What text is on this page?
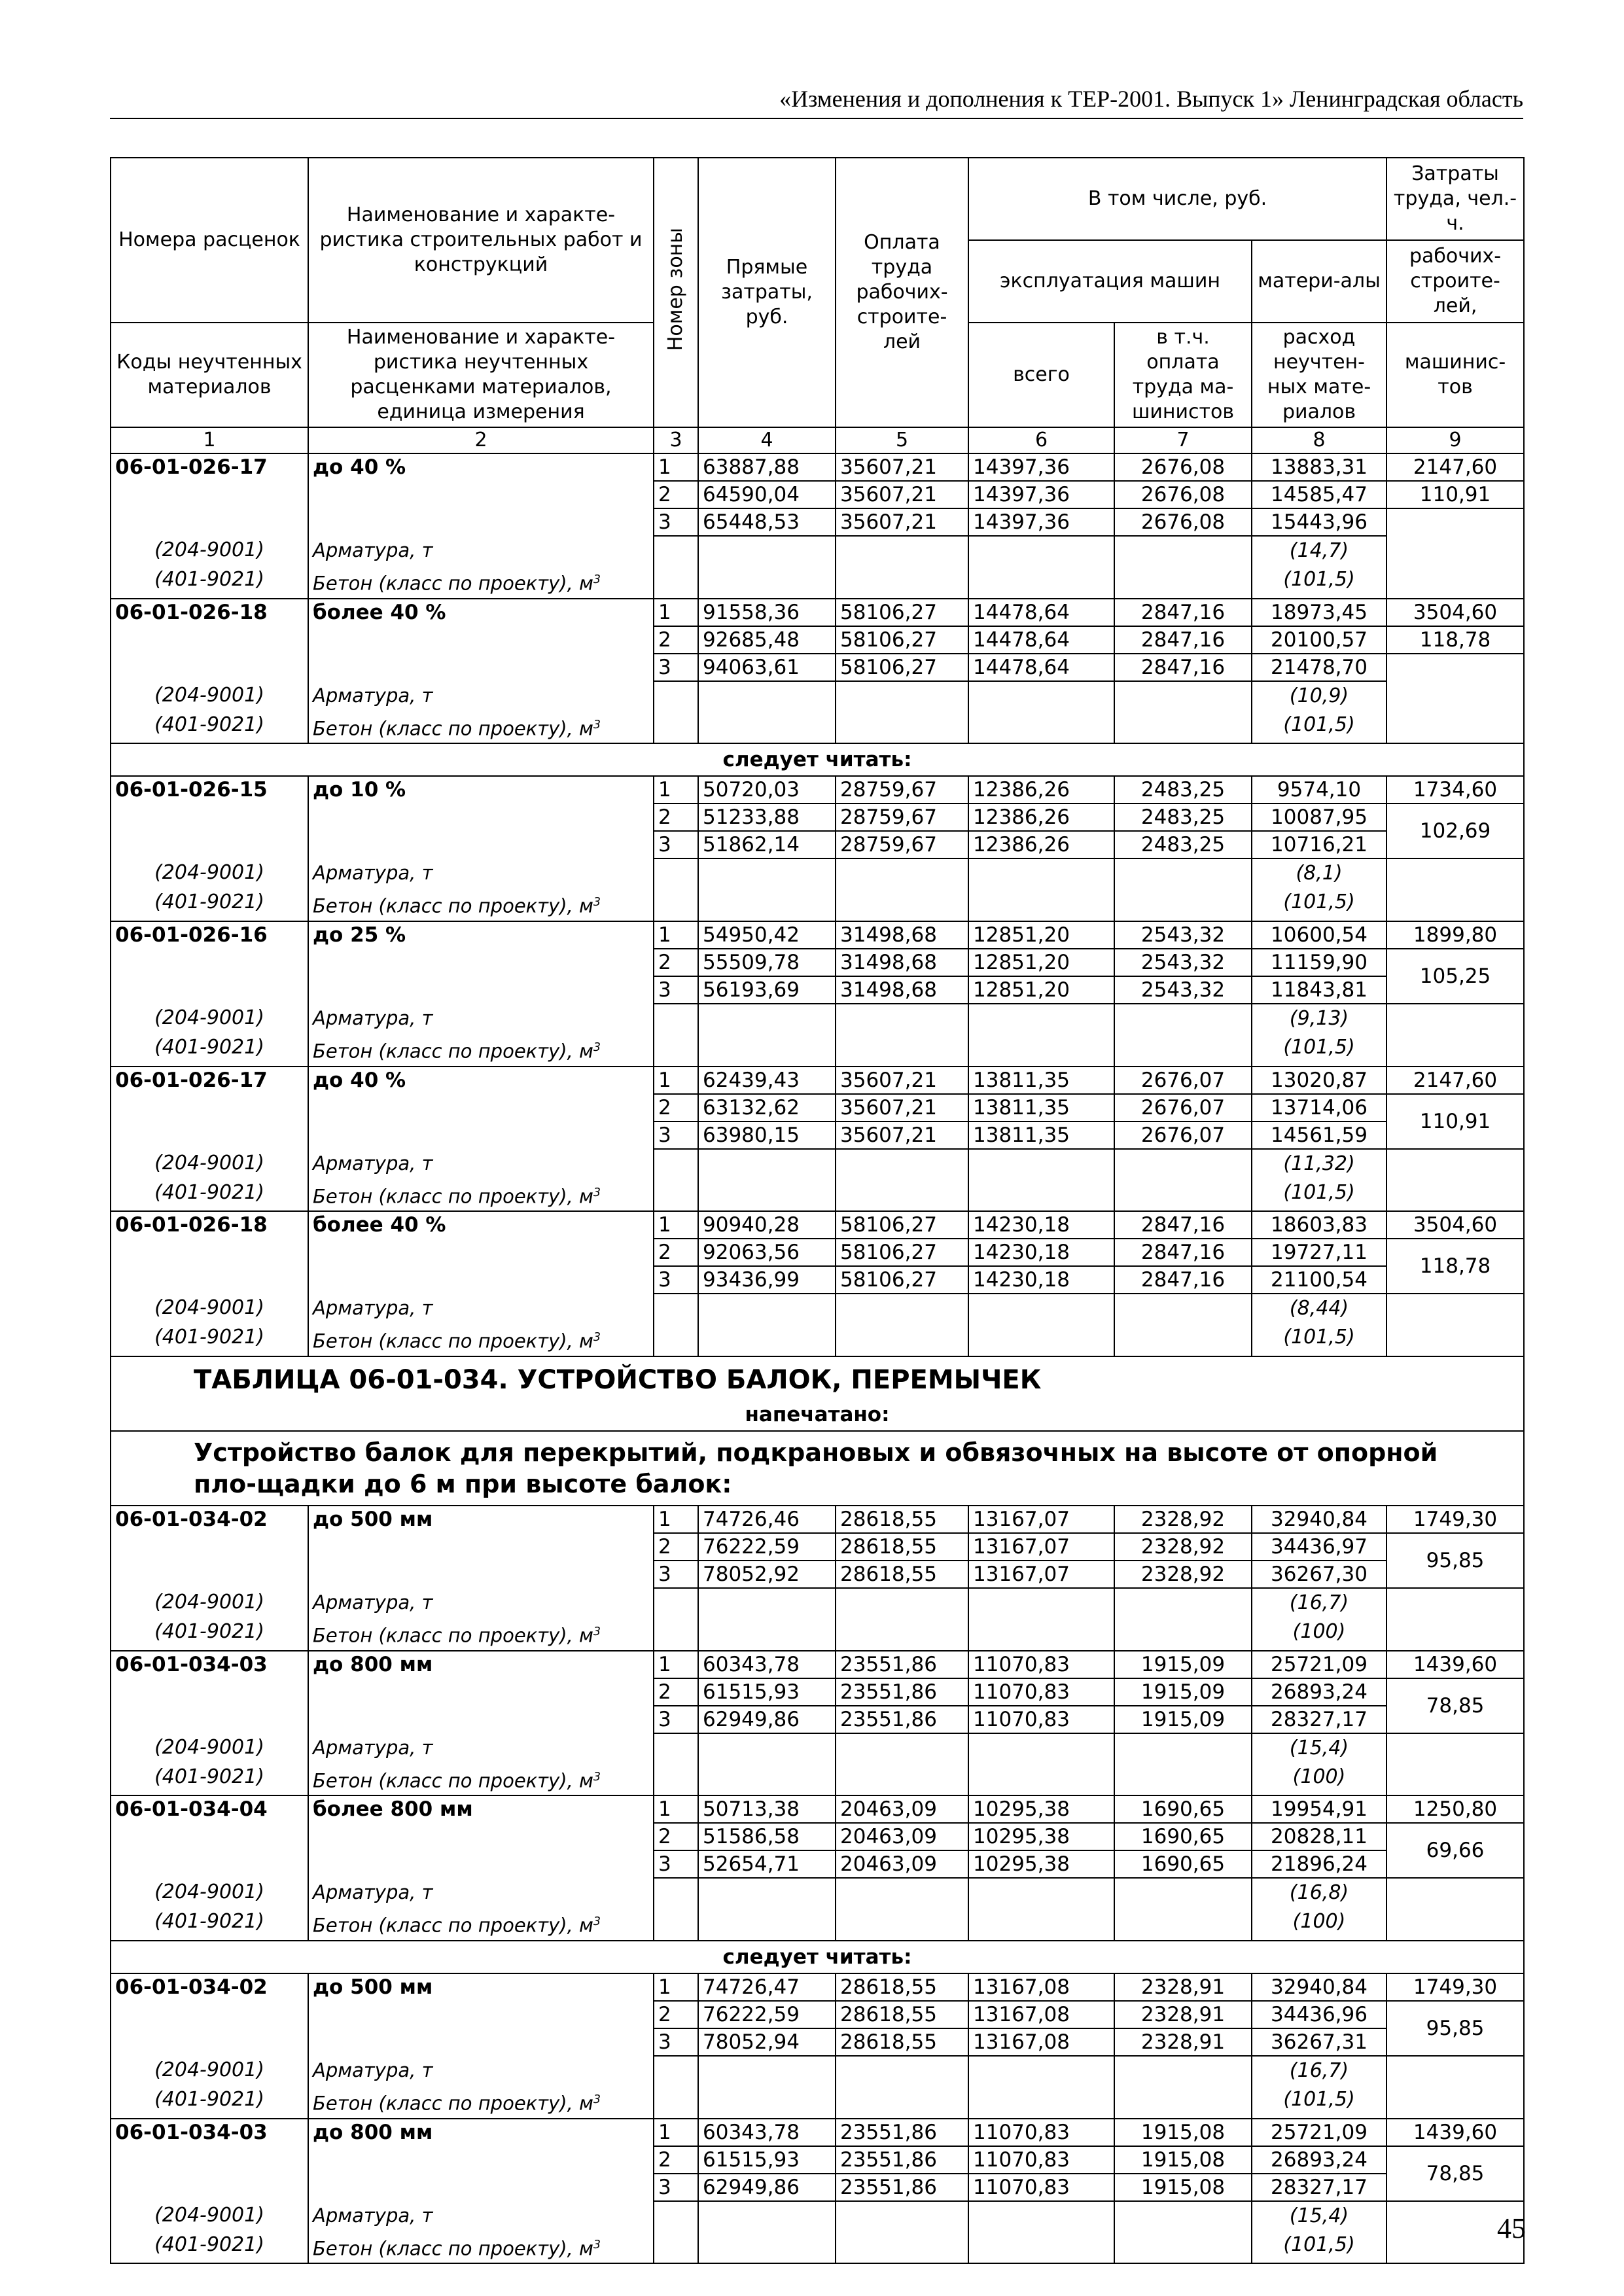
«Изменения и дополнения к ТЕР-2001. Выпуск 1» Ленинградская область
Номера расценок	Наименование и характе-ристика строительных работ и конструкций	Номер зоны	Прямые затраты, руб.	Оплата труда рабочих-строите-лей	В том числе, руб.			Затраты труда, чел.-ч.
					эксплуатация машин		матери-алы	рабочих-строите-лей,
Коды неучтенных материалов	Наименование и характе-ристика неучтенных расценками материалов, единица измерения				всего	в т.ч. оплата труда ма-шинистов	расход неучтен-ных мате-риалов	машинис-тов

1	2	3	4	5	6	7	8	9
06-01-026-17	до 40 %	1	63887,88	35607,21	14397,36	2676,08	13883,31	2147,60
		2	64590,04	35607,21	14397,36	2676,08	14585,47	110,91
		3	65448,53	35607,21	14397,36	2676,08	15443,96	
(204-9001)	Арматура, т						(14,7)	
(401-9021)	Бетон (класс по проекту), $м^3$						(101,5)	
06-01-026-18	более 40 %	1	91558,36	58106,27	14478,64	2847,16	18973,45	3504,60
		2	92685,48	58106,27	14478,64	2847,16	20100,57	118,78
		3	94063,61	58106,27	14478,64	2847,16	21478,70	
(204-9001)	Арматура, т						(10,9)	
(401-9021)	Бетон (класс по проекту), $м^3$						(101,5)	
следует читать:								
06-01-026-15	до 10 %	1	50720,03	28759,67	12386,26	2483,25	9574,10	1734,60
		2	51233,88	28759,67	12386,26	2483,25	10087,95	102,69
		3	51862,14	28759,67	12386,26	2483,25	10716,21	
(204-9001)	Арматура, т						(8,1)	
(401-9021)	Бетон (класс по проекту), $м^3$						(101,5)	
06-01-026-16	до 25 %	1	54950,42	31498,68	12851,20	2543,32	10600,54	1899,80
		2	55509,78	31498,68	12851,20	2543,32	11159,90	105,25
		3	56193,69	31498,68	12851,20	2543,32	11843,81	
(204-9001)	Арматура, т						(9,13)	
(401-9021)	Бетон (класс по проекту), $м^3$						(101,5)	
06-01-026-17	до 40 %	1	62439,43	35607,21	13811,35	2676,07	13020,87	2147,60
		2	63132,62	35607,21	13811,35	2676,07	13714,06	110,91
		3	63980,15	35607,21	13811,35	2676,07	14561,59	
(204-9001)	Арматура, т						(11,32)	
(401-9021)	Бетон (класс по проекту), $м^3$						(101,5)	
06-01-026-18	более 40 %	1	90940,28	58106,27	14230,18	2847,16	18603,83	3504,60
		2	92063,56	58106,27	14230,18	2847,16	19727,11	118,78
		3	93436,99	58106,27	14230,18	2847,16	21100,54	
(204-9001)	Арматура, т						(8,44)	
(401-9021)	Бетон (класс по проекту), $м^3$						(101,5)	

ТАБЛИЦА 06-01-034. УСТРОЙСТВО БАЛОК, ПЕРЕМЫЧЕК
напечатано:								

Устройство балок для перекрытий, подкрановых и обвязочных на высоте от опорной пло-щадки до 6 м при высоте балок:								

06-01-034-02	до 500 мм	1	74726,46	28618,55	13167,07	2328,92	32940,84	1749,30
		2	76222,59	28618,55	13167,07	2328,92	34436,97	95,85
		3	78052,92	28618,55	13167,07	2328,92	36267,30	
(204-9001)	Арматура, т						(16,7)	
(401-9021)	Бетон (класс по проекту), $м^3$						(100)	
06-01-034-03	до 800 мм	1	60343,78	23551,86	11070,83	1915,09	25721,09	1439,60
		2	61515,93	23551,86	11070,83	1915,09	26893,24	78,85
		3	62949,86	23551,86	11070,83	1915,09	28327,17	
(204-9001)	Арматура, т						(15,4)	
(401-9021)	Бетон (класс по проекту), $м^3$						(100)	
06-01-034-04	более 800 мм	1	50713,38	20463,09	10295,38	1690,65	19954,91	1250,80
		2	51586,58	20463,09	10295,38	1690,65	20828,11	69,66
		3	52654,71	20463,09	10295,38	1690,65	21896,24	
(204-9001)	Арматура, т						(16,8)	
(401-9021)	Бетон (класс по проекту), $м^3$						(100)	
следует читать:								
06-01-034-02	до 500 мм	1	74726,47	28618,55	13167,08	2328,91	32940,84	1749,30
		2	76222,59	28618,55	13167,08	2328,91	34436,96	95,85
		3	78052,94	28618,55	13167,08	2328,91	36267,31	
(204-9001)	Арматура, т						(16,7)	
(401-9021)	Бетон (класс по проекту), $м^3$						(101,5)	
06-01-034-03	до 800 мм	1	60343,78	23551,86	11070,83	1915,08	25721,09	1439,60
		2	61515,93	23551,86	11070,83	1915,08	26893,24	78,85
		3	62949,86	23551,86	11070,83	1915,08	28327,17	
(204-9001)	Арматура, т						(15,4)	
(401-9021)	Бетон (класс по проекту), $м^3$						(101,5)	
45
